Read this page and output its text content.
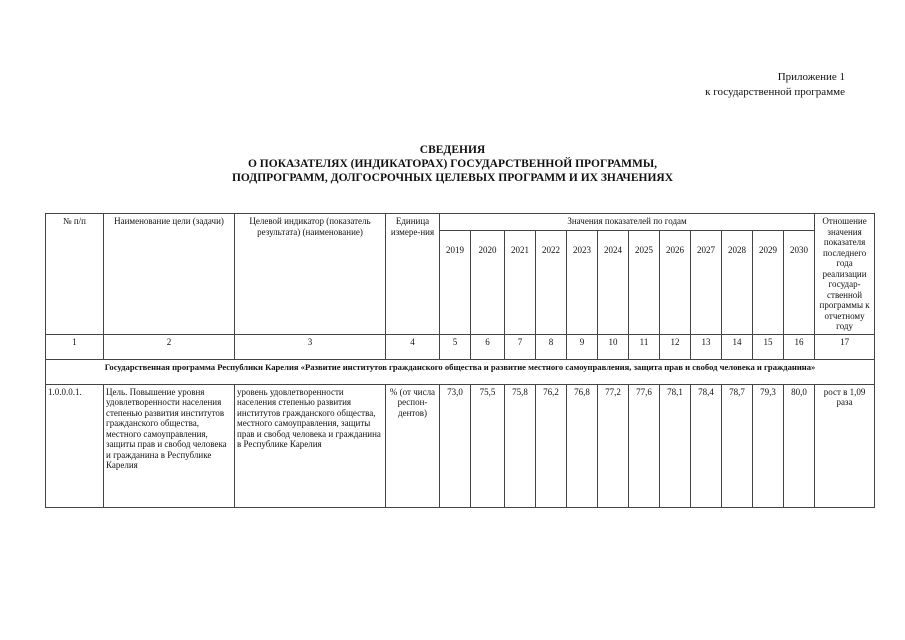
Приложение 1
к государственной программе
СВЕДЕНИЯ
О ПОКАЗАТЕЛЯХ (ИНДИКАТОРАХ) ГОСУДАРСТВЕННОЙ ПРОГРАММЫ,
ПОДПРОГРАММ, ДОЛГОСРОЧНЫХ ЦЕЛЕВЫХ ПРОГРАММ И ИХ ЗНАЧЕНИЯХ
№ п/п	Наименование цели (задачи)	Целевой индикатор (показатель результата) (наименование)	Единица измере-ния	Значения показателей по годам												Отношение значения показателя последнего года реализации государ-ственной программы к отчетному году
				2019	2020	2021	2022	2023	2024	2025	2026	2027	2028	2029	2030	
1	2	3	4	5	6	7	8	9	10	11	12	13	14	15	16	17
Государственная программа Республики Карелия «Развитие институтов гражданского общества и развитие местного самоуправления, защита прав и свобод человека и гражданина»																
1.0.0.0.1.	Цель. Повышение уровня удовлетворенности населения степенью развития институтов гражданского общества, местного самоуправления, защиты прав и свобод человека и гражданина в Республике Карелия	уровень удовлетворенности населения степенью развития институтов гражданского общества, местного самоуправления, защиты прав и свобод человека и гражданина в Республике Карелия	% (от числа респон-дентов)	73,0	75,5	75,8	76,2	76,8	77,2	77,6	78,1	78,4	78,7	79,3	80,0	рост в 1,09 раза
